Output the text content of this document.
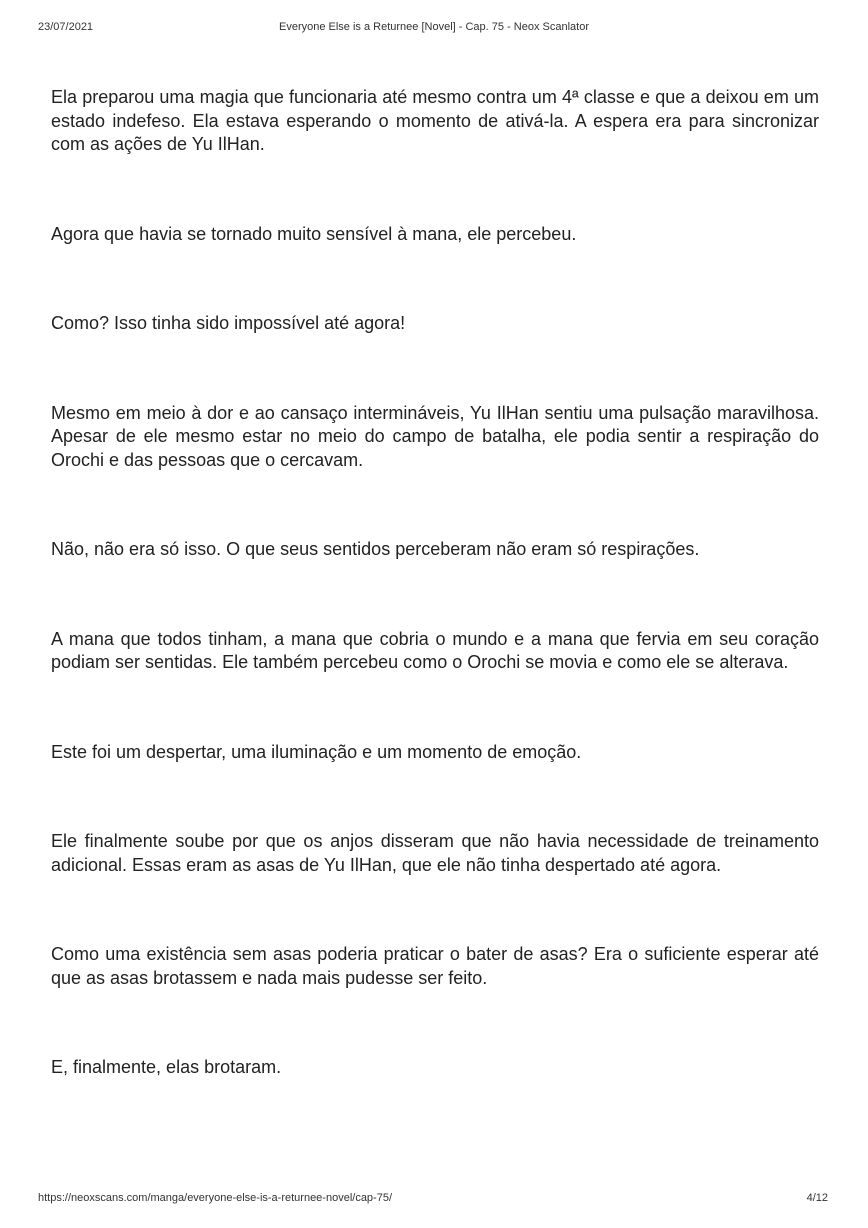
23/07/2021	Everyone Else is a Returnee [Novel] - Cap. 75 - Neox Scanlator

Ela preparou uma magia que funcionaria até mesmo contra um 4ª classe e que a deixou em um estado indefeso. Ela estava esperando o momento de ativá-la. A espera era para sincronizar com as ações de Yu IlHan.

Agora que havia se tornado muito sensível à mana, ele percebeu.

Como? Isso tinha sido impossível até agora!

Mesmo em meio à dor e ao cansaço intermináveis, Yu IlHan sentiu uma pulsação maravilhosa. Apesar de ele mesmo estar no meio do campo de batalha, ele podia sentir a respiração do Orochi e das pessoas que o cercavam.

Não, não era só isso. O que seus sentidos perceberam não eram só respirações.

A mana que todos tinham, a mana que cobria o mundo e a mana que fervia em seu coração podiam ser sentidas. Ele também percebeu como o Orochi se movia e como ele se alterava.

Este foi um despertar, uma iluminação e um momento de emoção.

Ele finalmente soube por que os anjos disseram que não havia necessidade de treinamento adicional. Essas eram as asas de Yu IlHan, que ele não tinha despertado até agora.

Como uma existência sem asas poderia praticar o bater de asas? Era o suficiente esperar até que as asas brotassem e nada mais pudesse ser feito.

E, finalmente, elas brotaram.

https://neoxscans.com/manga/everyone-else-is-a-returnee-novel/cap-75/	4/12
